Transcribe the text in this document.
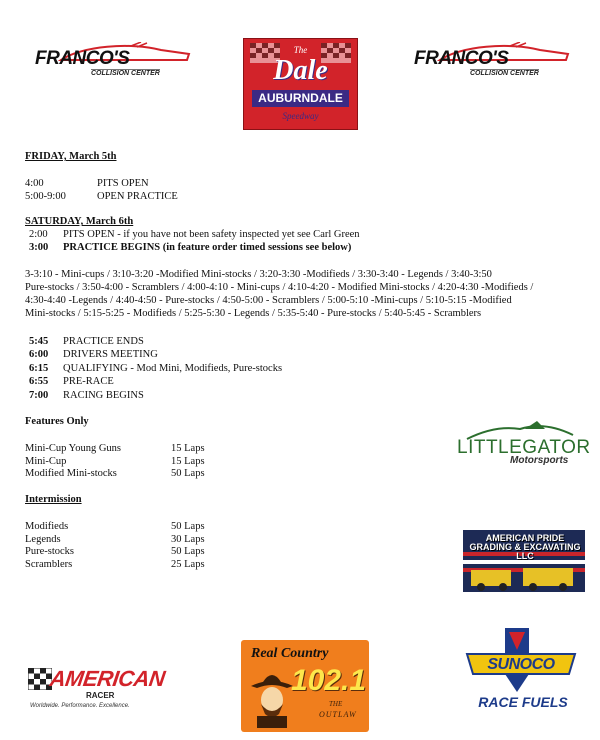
FRANCO'S
COLLISION CENTER
The
Dale
AUBURNDALE
Speedway
FRANCO'S
COLLISION CENTER
FRIDAY, March 5th
4:00	PITS OPEN
5:00-9:00	OPEN PRACTICE
SATURDAY, March 6th
2:00 PITS OPEN - if you have not been safety inspected yet see Carl Green
3:00 PRACTICE BEGINS (in feature order timed sessions see below)
3-3:10 - Mini-cups / 3:10-3:20 -Modified Mini-stocks / 3:20-3:30 -Modifieds / 3:30-3:40 - Legends / 3:40-3:50
Pure-stocks / 3:50-4:00 - Scramblers / 4:00-4:10 - Mini-cups / 4:10-4:20 - Modified Mini-stocks / 4:20-4:30 -Modifieds /
4:30-4:40 -Legends / 4:40-4:50 - Pure-stocks / 4:50-5:00 - Scramblers / 5:00-5:10 -Mini-cups / 5:10-5:15 -Modified
Mini-stocks / 5:15-5:25 - Modifieds / 5:25-5:30 - Legends / 5:35-5:40 - Pure-stocks / 5:40-5:45 - Scramblers
5:45 PRACTICE ENDS
6:00 DRIVERS MEETING
6:15 QUALIFYING - Mod Mini, Modifieds, Pure-stocks
6:55 PRE-RACE
7:00 RACING BEGINS
Features Only
Mini-Cup Young Guns	15 Laps
Mini-Cup	15 Laps
Modified Mini-stocks	50 Laps
Intermission
Modifieds	50 Laps
Legends	30 Laps
Pure-stocks	50 Laps
Scramblers	25 Laps
LITTLEGATOR
Motorsports
AMERICAN PRIDE GRADING & EXCAVATING LLC
AMERICAN
RACER
Worldwide. Performance. Excellence.
Real Country
102.1
THE
OUTLAW
SUNOCO
RACE FUELS
